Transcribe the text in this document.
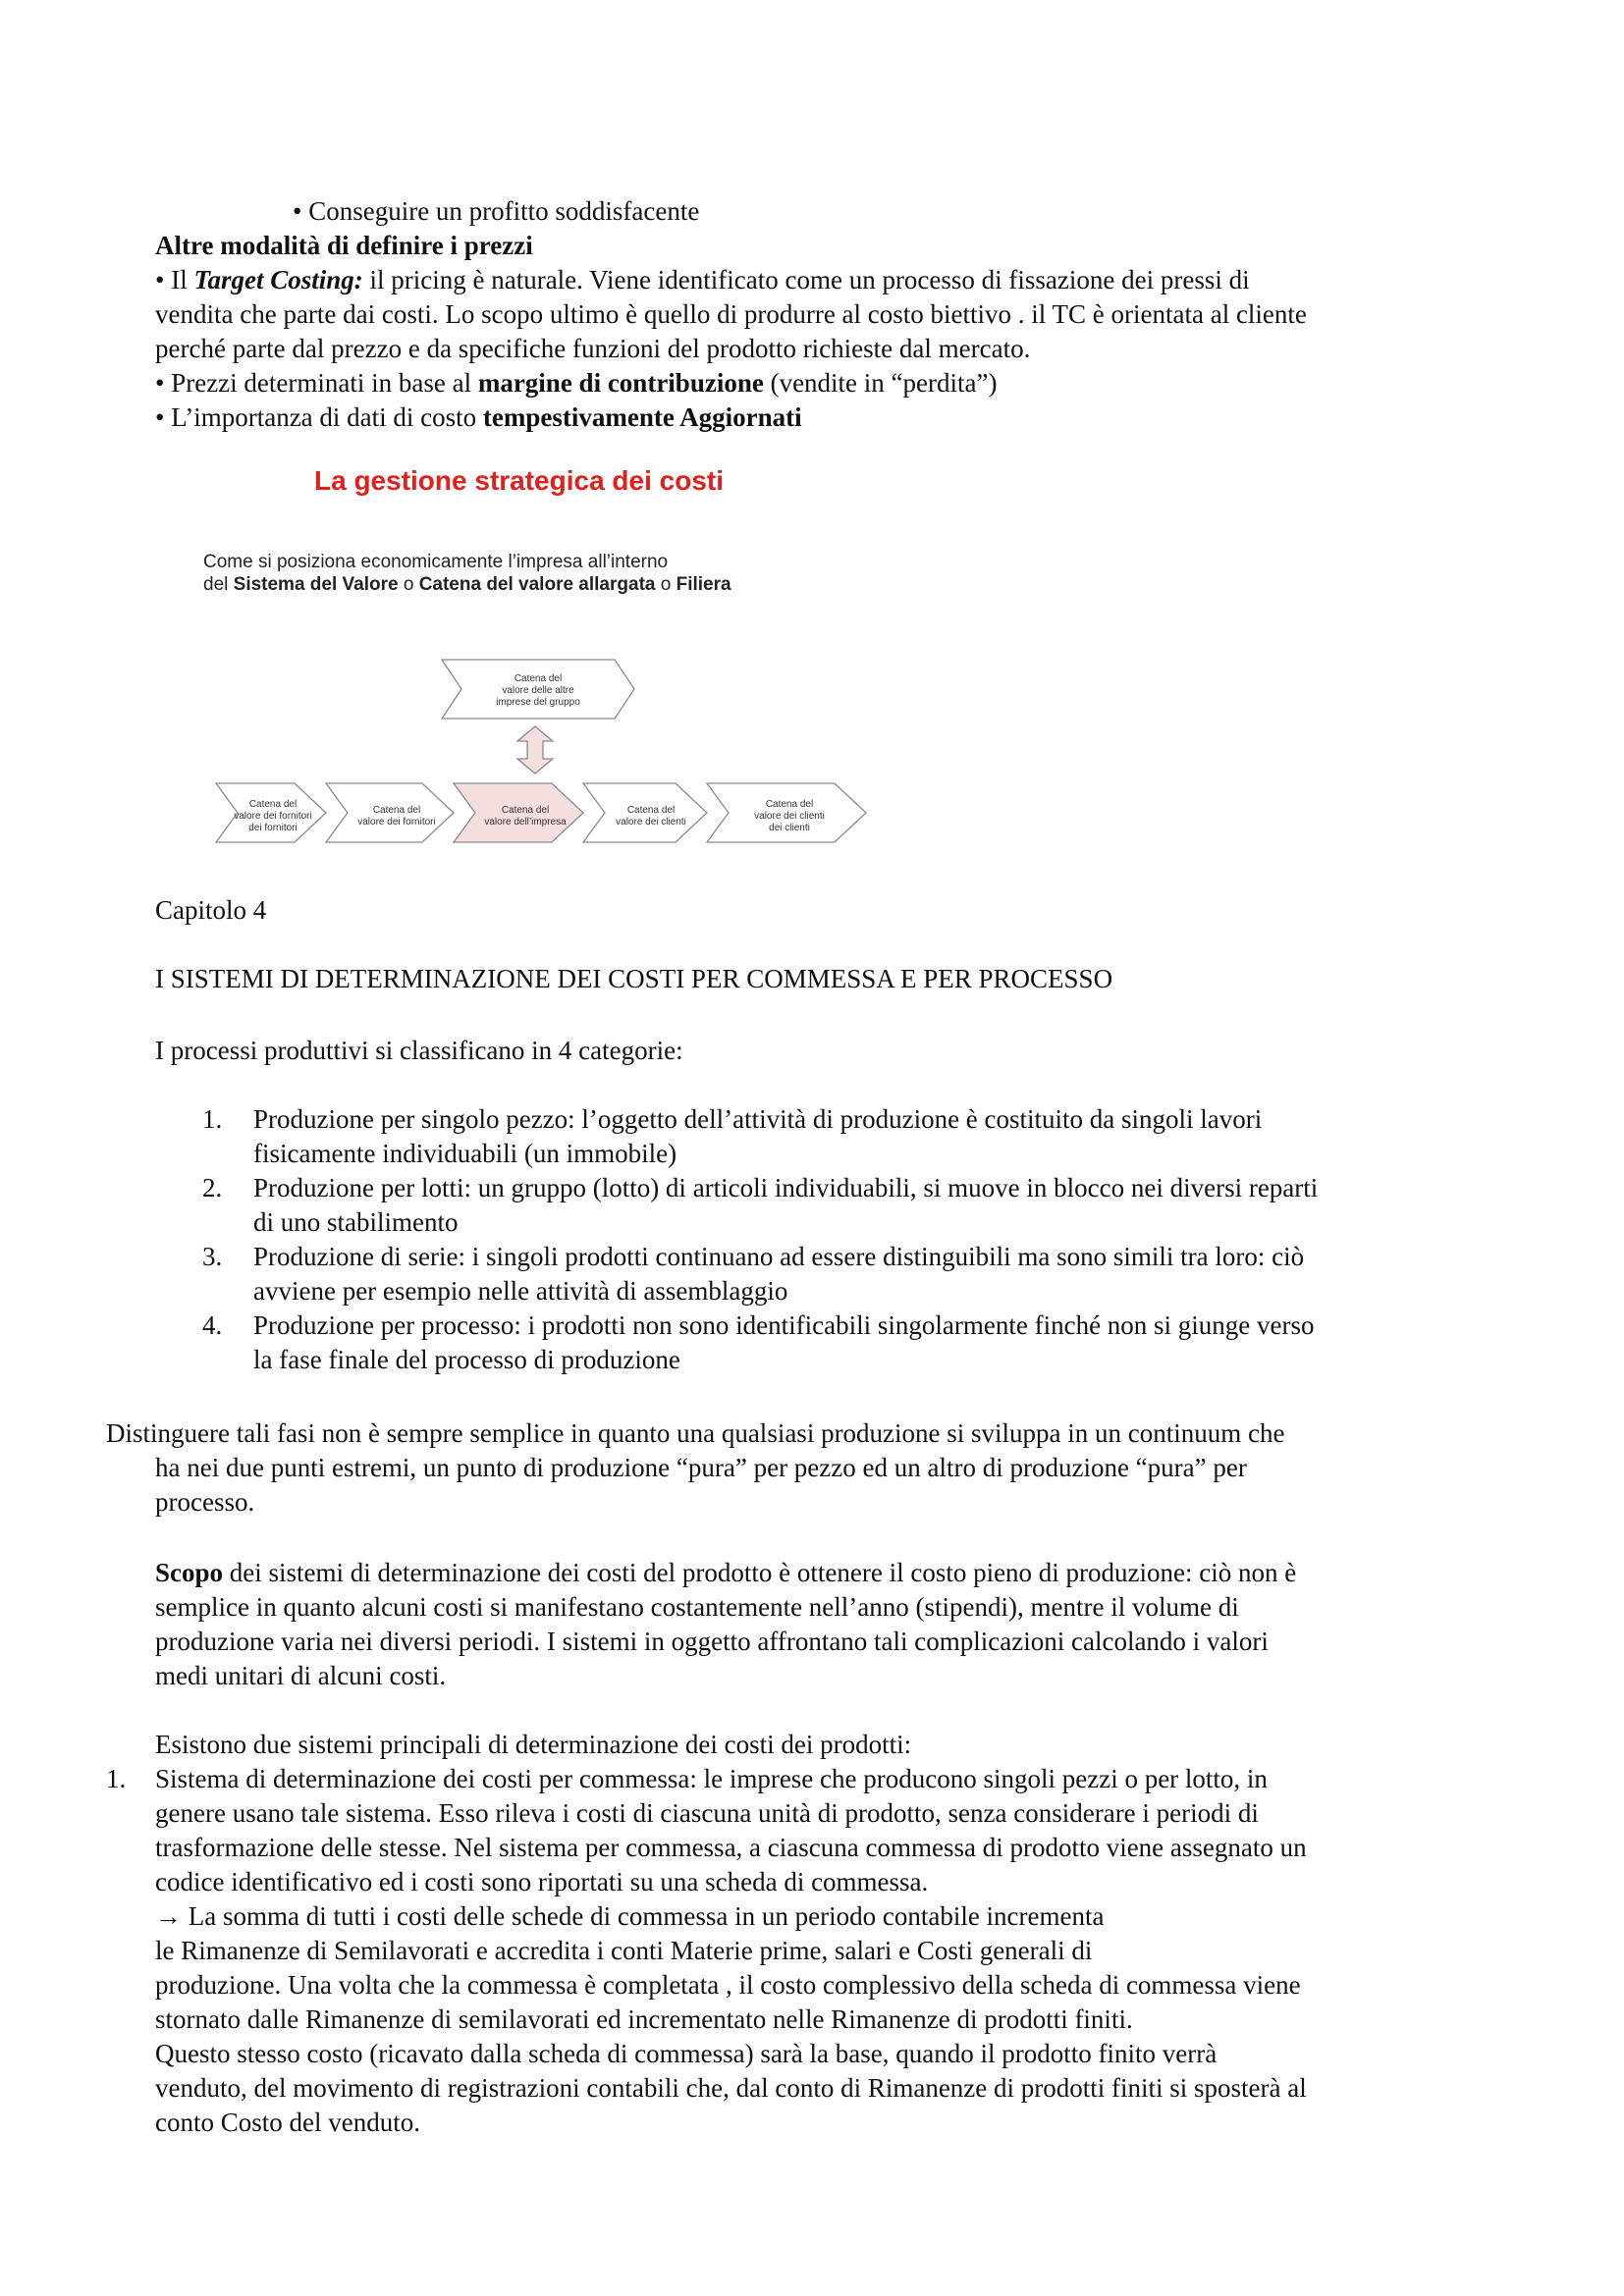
• Conseguire un profitto soddisfacente
Altre modalità di definire i prezzi
• Il Target Costing: il pricing è naturale. Viene identificato come un processo di fissazione dei pressi di
vendita che parte dai costi. Lo scopo ultimo è quello di produrre al costo biettivo . il TC è orientata al cliente
perché parte dal prezzo e da specifiche funzioni del prodotto richieste dal mercato.
• Prezzi determinati in base al margine di contribuzione (vendite in “perdita”)
• L’importanza di dati di costo tempestivamente Aggiornati
La gestione strategica dei costi
Come si posiziona economicamente l’impresa all’interno
del Sistema del Valore o Catena del valore allargata o Filiera
Catena del
valore delle altre
imprese del gruppo
Catena del
valore dei fornitori
dei fornitori
Catena del
valore dei fornitori
Catena del
valore dell’impresa
Catena del
valore dei clienti
Catena del
valore dei clienti
dei clienti
Capitolo 4
I SISTEMI DI DETERMINAZIONE DEI COSTI PER COMMESSA E PER PROCESSO
I processi produttivi si classificano in 4 categorie:
1. Produzione per singolo pezzo: l’oggetto dell’attività di produzione è costituito da singoli lavori
fisicamente individuabili (un immobile)
2. Produzione per lotti: un gruppo (lotto) di articoli individuabili, si muove in blocco nei diversi reparti
di uno stabilimento
3. Produzione di serie: i singoli prodotti continuano ad essere distinguibili ma sono simili tra loro: ciò
avviene per esempio nelle attività di assemblaggio
4. Produzione per processo: i prodotti non sono identificabili singolarmente finché non si giunge verso
la fase finale del processo di produzione
Distinguere tali fasi non è sempre semplice in quanto una qualsiasi produzione si sviluppa in un continuum che
ha nei due punti estremi, un punto di produzione “pura” per pezzo ed un altro di produzione “pura” per
processo.
Scopo dei sistemi di determinazione dei costi del prodotto è ottenere il costo pieno di produzione: ciò non è
semplice in quanto alcuni costi si manifestano costantemente nell’anno (stipendi), mentre il volume di
produzione varia nei diversi periodi. I sistemi in oggetto affrontano tali complicazioni calcolando i valori
medi unitari di alcuni costi.
Esistono due sistemi principali di determinazione dei costi dei prodotti:
1. Sistema di determinazione dei costi per commessa: le imprese che producono singoli pezzi o per lotto, in
genere usano tale sistema. Esso rileva i costi di ciascuna unità di prodotto, senza considerare i periodi di
trasformazione delle stesse. Nel sistema per commessa, a ciascuna commessa di prodotto viene assegnato un
codice identificativo ed i costi sono riportati su una scheda di commessa.
→ La somma di tutti i costi delle schede di commessa in un periodo contabile incrementa
le Rimanenze di Semilavorati e accredita i conti Materie prime, salari e Costi generali di
produzione. Una volta che la commessa è completata , il costo complessivo della scheda di commessa viene
stornato dalle Rimanenze di semilavorati ed incrementato nelle Rimanenze di prodotti finiti.
Questo stesso costo (ricavato dalla scheda di commessa) sarà la base, quando il prodotto finito verrà
venduto, del movimento di registrazioni contabili che, dal conto di Rimanenze di prodotti finiti si sposterà al
conto Costo del venduto.
